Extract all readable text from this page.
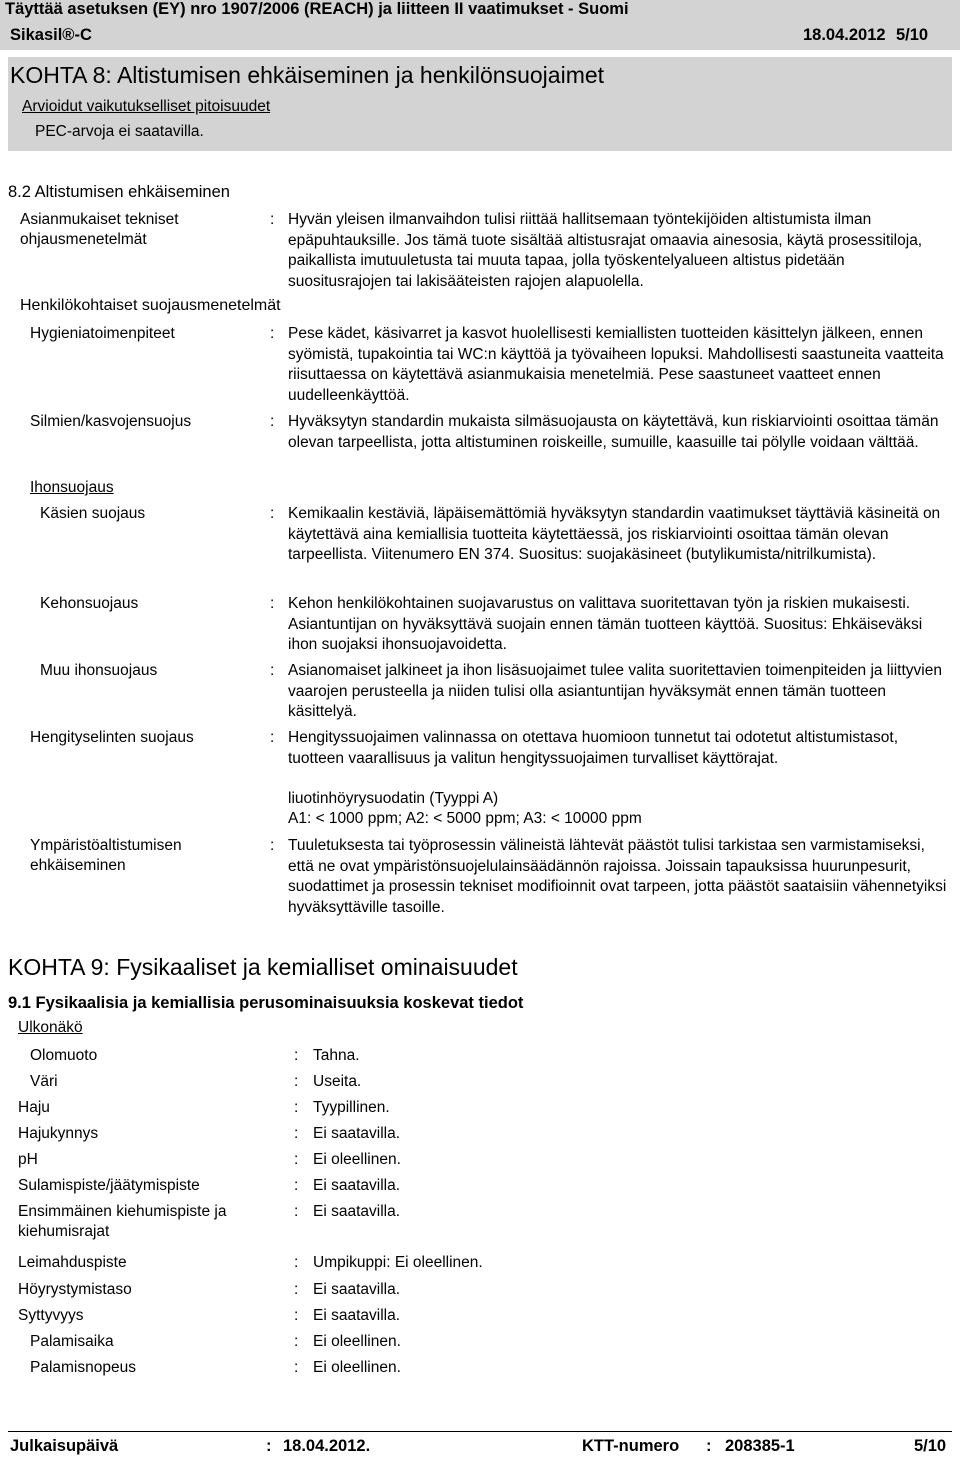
Täyttää asetuksen (EY) nro 1907/2006 (REACH) ja liitteen II vaatimukset - Suomi
Sikasil®-C	18.04.2012 5/10
KOHTA 8: Altistumisen ehkäiseminen ja henkilönsuojaimet
Arvioidut vaikutukselliset pitoisuudet
PEC-arvoja ei saatavilla.
8.2 Altistumisen ehkäiseminen
Asianmukaiset tekniset
ohjausmenetelmät
: Hyvän yleisen ilmanvaihdon tulisi riittää hallitsemaan työntekijöiden altistumista ilman epäpuhtauksille. Jos tämä tuote sisältää altistusrajat omaavia ainesosia, käytä prosessitiloja, paikallista imutuuletusta tai muuta tapaa, jolla työskentelyalueen altistus pidetään suositusrajojen tai lakisääteisten rajojen alapuolella.
Henkilökohtaiset suojausmenetelmät
Hygieniatoimenpiteet	: Pese kädet, käsivarret ja kasvot huolellisesti kemiallisten tuotteiden käsittelyn jälkeen, ennen syömistä, tupakointia tai WC:n käyttöä ja työvaiheen lopuksi. Mahdollisesti saastuneita vaatteita riisuttaessa on käytettävä asianmukaisia menetelmiä. Pese saastuneet vaatteet ennen uudelleenkäyttöä.
Silmien/kasvojensuojus	: Hyväksytyn standardin mukaista silmäsuojausta on käytettävä, kun riskiarviointi osoittaa tämän olevan tarpeellista, jotta altistuminen roiskeille, sumuille, kaasuille tai pölylle voidaan välttää.
Ihonsuojaus
Käsien suojaus	: Kemikaalin kestäviä, läpäisemättömiä hyväksytyn standardin vaatimukset täyttäviä käsineitä on käytettävä aina kemiallisia tuotteita käytettäessä, jos riskiarviointi osoittaa tämän olevan tarpeellista. Viitenumero EN 374. Suositus: suojakäsineet (butylikumista/nitrilkumista).
Kehonsuojaus	: Kehon henkilökohtainen suojavarustus on valittava suoritettavan työn ja riskien mukaisesti. Asiantuntijan on hyväksyttävä suojain ennen tämän tuotteen käyttöä. Suositus: Ehkäiseväksi ihon suojaksi ihonsuojavoidetta.
Muu ihonsuojaus	: Asianomaiset jalkineet ja ihon lisäsuojaimet tulee valita suoritettavien toimenpiteiden ja liittyvien vaarojen perusteella ja niiden tulisi olla asiantuntijan hyväksymät ennen tämän tuotteen käsittelyä.
Hengityselinten suojaus	: Hengityssuojaimen valinnassa on otettava huomioon tunnetut tai odotetut altistumistasot, tuotteen vaarallisuus ja valitun hengityssuojaimen turvalliset käyttörajat.
liuotinhöyrysuodatin (Tyyppi A)
A1: < 1000 ppm; A2: < 5000 ppm; A3: < 10000 ppm
Ympäristöaltistumisen
ehkäiseminen
: Tuuletuksesta tai työprosessin välineistä lähtevät päästöt tulisi tarkistaa sen varmistamiseksi, että ne ovat ympäristönsuojelulainsäädännön rajoissa. Joissain tapauksissa huurunpesurit, suodattimet ja prosessin tekniset modifioinnit ovat tarpeen, jotta päästöt saataisiin vähennetyiksi hyväksyttäville tasoille.
KOHTA 9: Fysikaaliset ja kemialliset ominaisuudet
9.1 Fysikaalisia ja kemiallisia perusominaisuuksia koskevat tiedot
Ulkonäkö
Olomuoto	: Tahna.
Väri	: Useita.
Haju	: Tyypillinen.
Hajukynnys	: Ei saatavilla.
pH	: Ei oleellinen.
Sulamispiste/jäätymispiste	: Ei saatavilla.
Ensimmäinen kiehumispiste ja
kiehumisrajat
: Ei saatavilla.
Leimahduspiste	: Umpikuppi: Ei oleellinen.
Höyrystymistaso	: Ei saatavilla.
Syttyvyys	: Ei saatavilla.
Palamisaika	: Ei oleellinen.
Palamisnopeus	: Ei oleellinen.
Julkaisupäivä	: 18.04.2012.	KTT-numero : 208385-1	5/10
